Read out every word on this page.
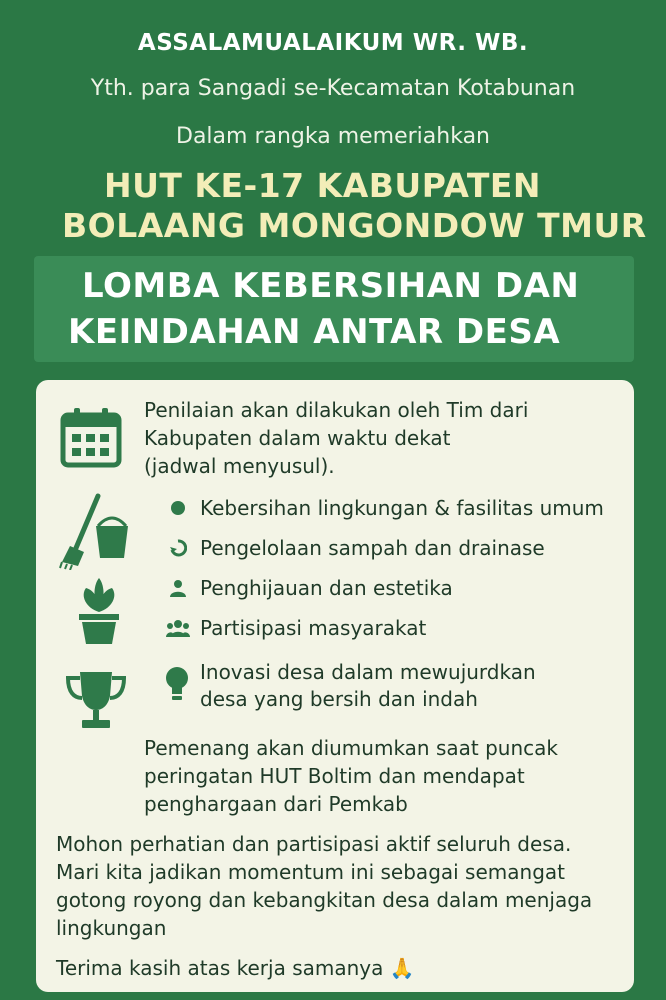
ASSALAMUALAIKUM WR. WB.
Yth. para Sangadi se-Kecamatan Kotabunan
Dalam rangka memeriahkan
HUT KE-17 KABUPATEN
BOLAANG MONGONDOW TMUR
LOMBA KEBERSIHAN DAN
KEINDAHAN ANTAR DESA
Penilaian akan dilakukan oleh Tim dari
Kabupaten dalam waktu dekat
(jadwal menyusul).
Kebersihan lingkungan & fasilitas umum
Pengelolaan sampah dan drainase
Penghijauan dan estetika
Partisipasi masyarakat
Inovasi desa dalam mewujurdkan
desa yang bersih dan indah
Pemenang akan diumumkan saat puncak
peringatan HUT Boltim dan mendapat
penghargaan dari Pemkab
Mohon perhatian dan partisipasi aktif seluruh desa.
Mari kita jadikan momentum ini sebagai semangat
gotong royong dan kebangkitan desa dalam menjaga
lingkungan
Terima kasih atas kerja samanya 🙏
